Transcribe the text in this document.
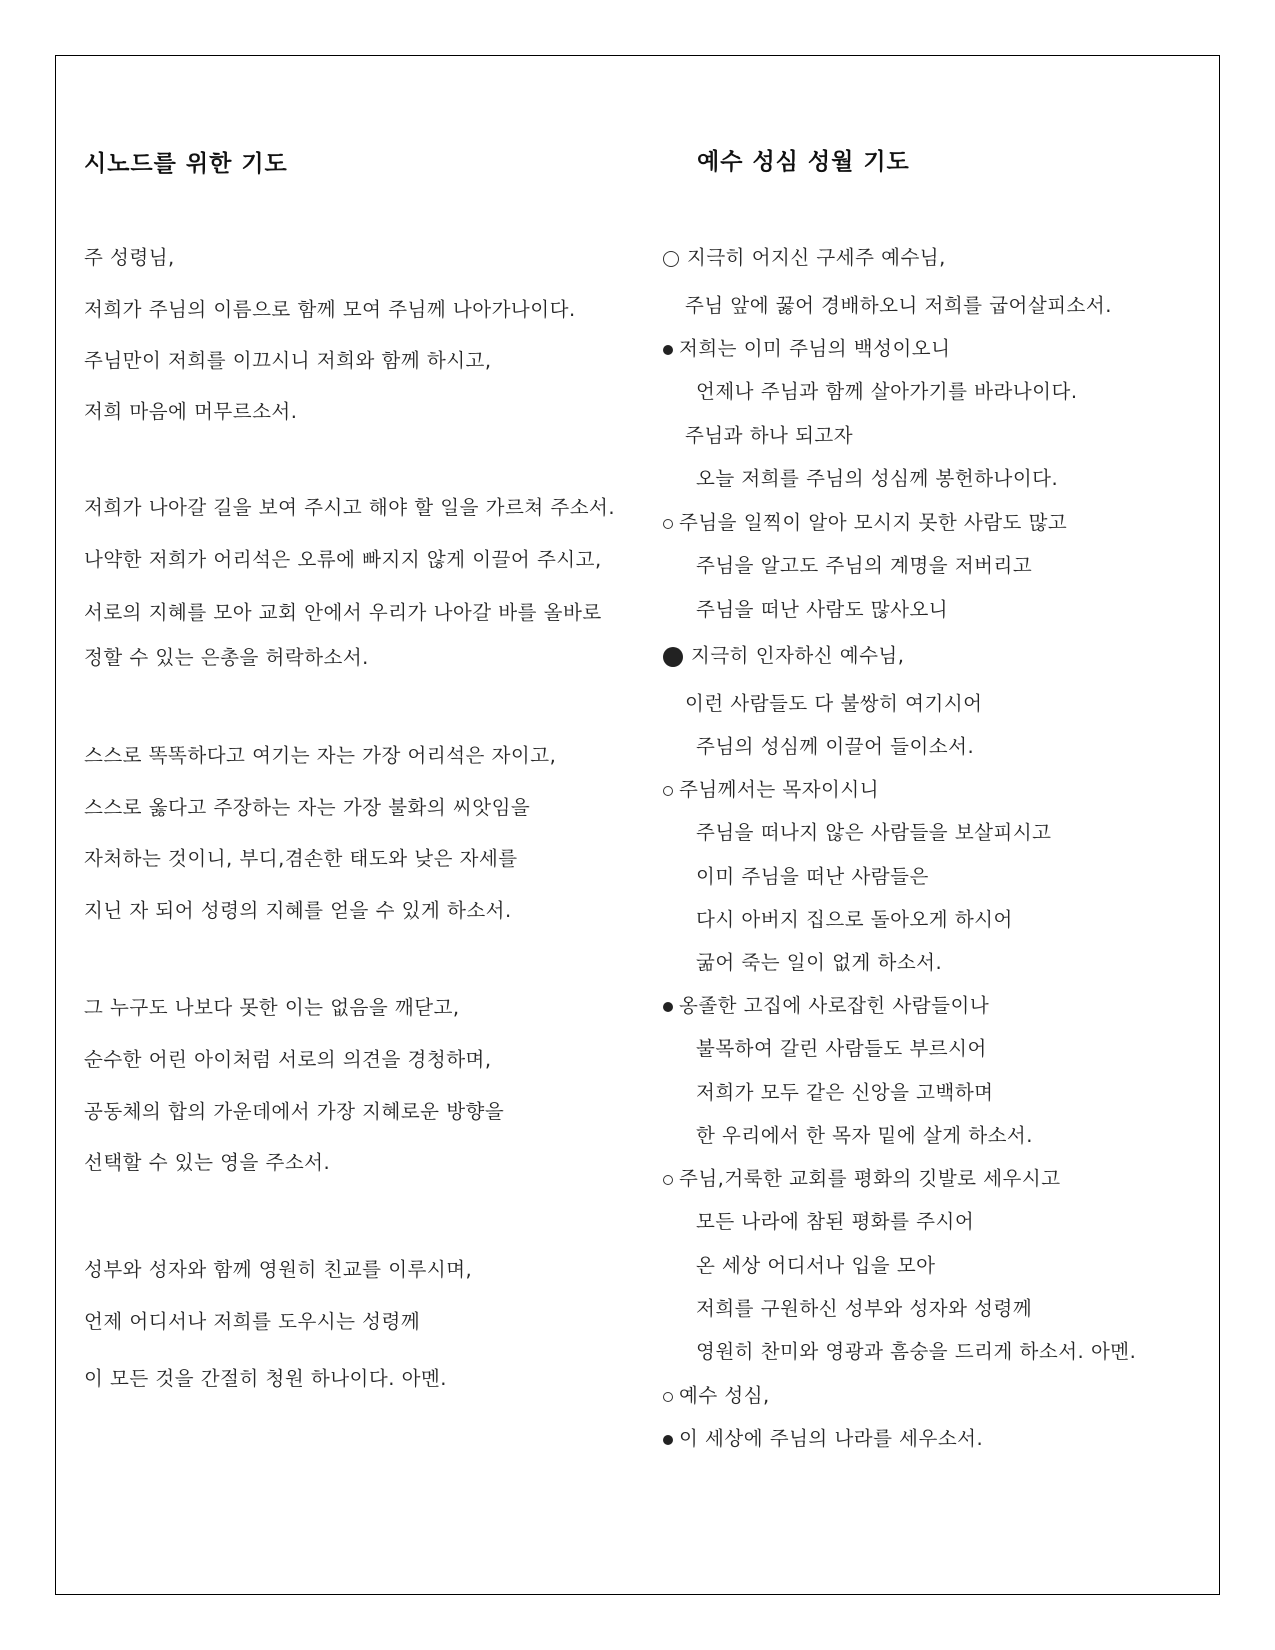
시노드를 위한 기도
주 성령님,
저희가 주님의 이름으로 함께 모여 주님께 나아가나이다.
주님만이 저희를 이끄시니 저희와 함께 하시고,
저희 마음에 머무르소서.
저희가 나아갈 길을 보여 주시고 해야 할 일을 가르쳐 주소서.
나약한 저희가 어리석은 오류에 빠지지 않게 이끌어 주시고,
서로의 지혜를 모아 교회 안에서 우리가 나아갈 바를 올바로
정할 수 있는 은총을 허락하소서.
스스로 똑똑하다고 여기는 자는 가장 어리석은 자이고,
스스로 옳다고 주장하는 자는 가장 불화의 씨앗임을
자처하는 것이니, 부디,겸손한 태도와 낮은 자세를
지닌 자 되어 성령의 지혜를 얻을 수 있게 하소서.
그 누구도 나보다 못한 이는 없음을 깨닫고,
순수한 어린 아이처럼 서로의 의견을 경청하며,
공동체의 합의 가운데에서 가장 지혜로운 방향을
선택할 수 있는 영을 주소서.
성부와 성자와 함께 영원히 친교를 이루시며,
언제 어디서나 저희를 도우시는 성령께
이 모든 것을 간절히 청원 하나이다. 아멘.
예수 성심 성월 기도
지극히 어지신 구세주 예수님,
주님 앞에 꿇어 경배하오니 저희를 굽어살피소서.
저희는 이미 주님의 백성이오니
언제나 주님과 함께 살아가기를 바라나이다.
주님과 하나 되고자
오늘 저희를 주님의 성심께 봉헌하나이다.
주님을 일찍이 알아 모시지 못한 사람도 많고
주님을 알고도 주님의 계명을 저버리고
주님을 떠난 사람도 많사오니
지극히 인자하신 예수님,
이런 사람들도 다 불쌍히 여기시어
주님의 성심께 이끌어 들이소서.
주님께서는 목자이시니
주님을 떠나지 않은 사람들을 보살피시고
이미 주님을 떠난 사람들은
다시 아버지 집으로 돌아오게 하시어
굶어 죽는 일이 없게 하소서.
옹졸한 고집에 사로잡힌 사람들이나
불목하여 갈린 사람들도 부르시어
저희가 모두 같은 신앙을 고백하며
한 우리에서 한 목자 밑에 살게 하소서.
주님,거룩한 교회를 평화의 깃발로 세우시고
모든 나라에 참된 평화를 주시어
온 세상 어디서나 입을 모아
저희를 구원하신 성부와 성자와 성령께
영원히 찬미와 영광과 흠숭을 드리게 하소서. 아멘.
예수 성심,
이 세상에 주님의 나라를 세우소서.
